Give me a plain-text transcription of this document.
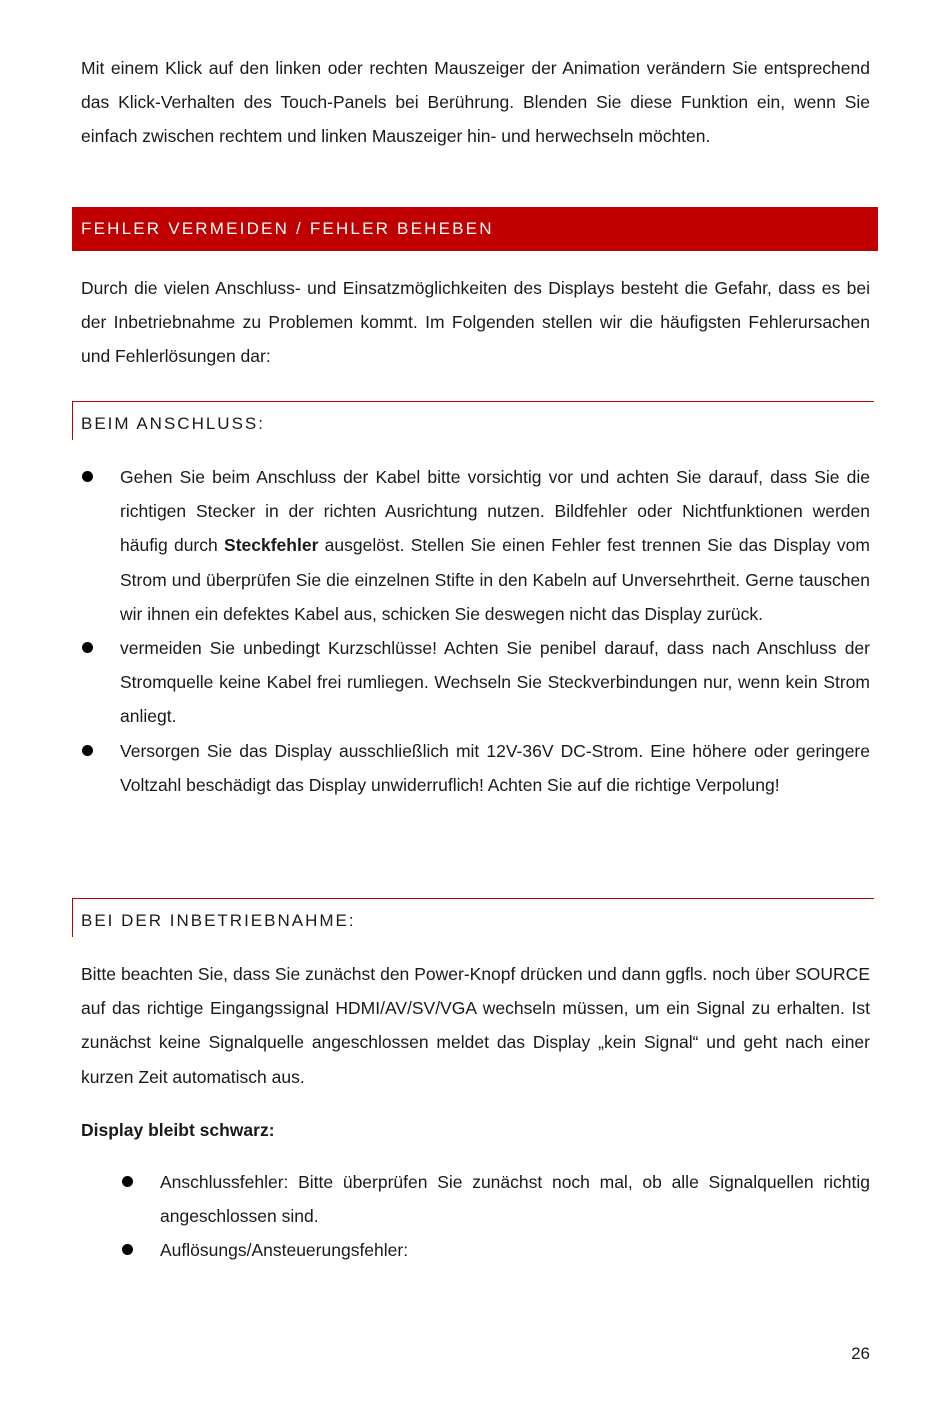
Mit einem Klick auf den linken oder rechten Mauszeiger der Animation verändern Sie entsprechend das Klick-Verhalten des Touch-Panels bei Berührung. Blenden Sie diese Funktion ein, wenn Sie einfach zwischen rechtem und linken Mauszeiger hin- und herwechseln möchten.

FEHLER VERMEIDEN / FEHLER BEHEBEN

Durch die vielen Anschluss- und Einsatzmöglichkeiten des Displays besteht die Gefahr, dass es bei der Inbetriebnahme zu Problemen kommt. Im Folgenden stellen wir die häufigsten Fehlerursachen und Fehlerlösungen dar:

BEIM ANSCHLUSS:
Gehen Sie beim Anschluss der Kabel bitte vorsichtig vor und achten Sie darauf, dass Sie die richtigen Stecker in der richten Ausrichtung nutzen. Bildfehler oder Nichtfunktionen werden häufig durch Steckfehler ausgelöst. Stellen Sie einen Fehler fest trennen Sie das Display vom Strom und überprüfen Sie die einzelnen Stifte in den Kabeln auf Unversehrtheit. Gerne tauschen wir ihnen ein defektes Kabel aus, schicken Sie deswegen nicht das Display zurück.
vermeiden Sie unbedingt Kurzschlüsse! Achten Sie penibel darauf, dass nach Anschluss der Stromquelle keine Kabel frei rumliegen. Wechseln Sie Steckverbindungen nur, wenn kein Strom anliegt.
Versorgen Sie das Display ausschließlich mit 12V-36V DC-Strom. Eine höhere oder geringere Voltzahl beschädigt das Display unwiderruflich! Achten Sie auf die richtige Verpolung!
BEI DER INBETRIEBNAHME:

Bitte beachten Sie, dass Sie zunächst den Power-Knopf drücken und dann ggfls. noch über SOURCE auf das richtige Eingangssignal HDMI/AV/SV/VGA wechseln müssen, um ein Signal zu erhalten. Ist zunächst keine Signalquelle angeschlossen meldet das Display „kein Signal“ und geht nach einer kurzen Zeit automatisch aus.

Display bleibt schwarz:

Anschlussfehler: Bitte überprüfen Sie zunächst noch mal, ob alle Signalquellen richtig angeschlossen sind.
Auflösungs/Ansteuerungsfehler:
26
